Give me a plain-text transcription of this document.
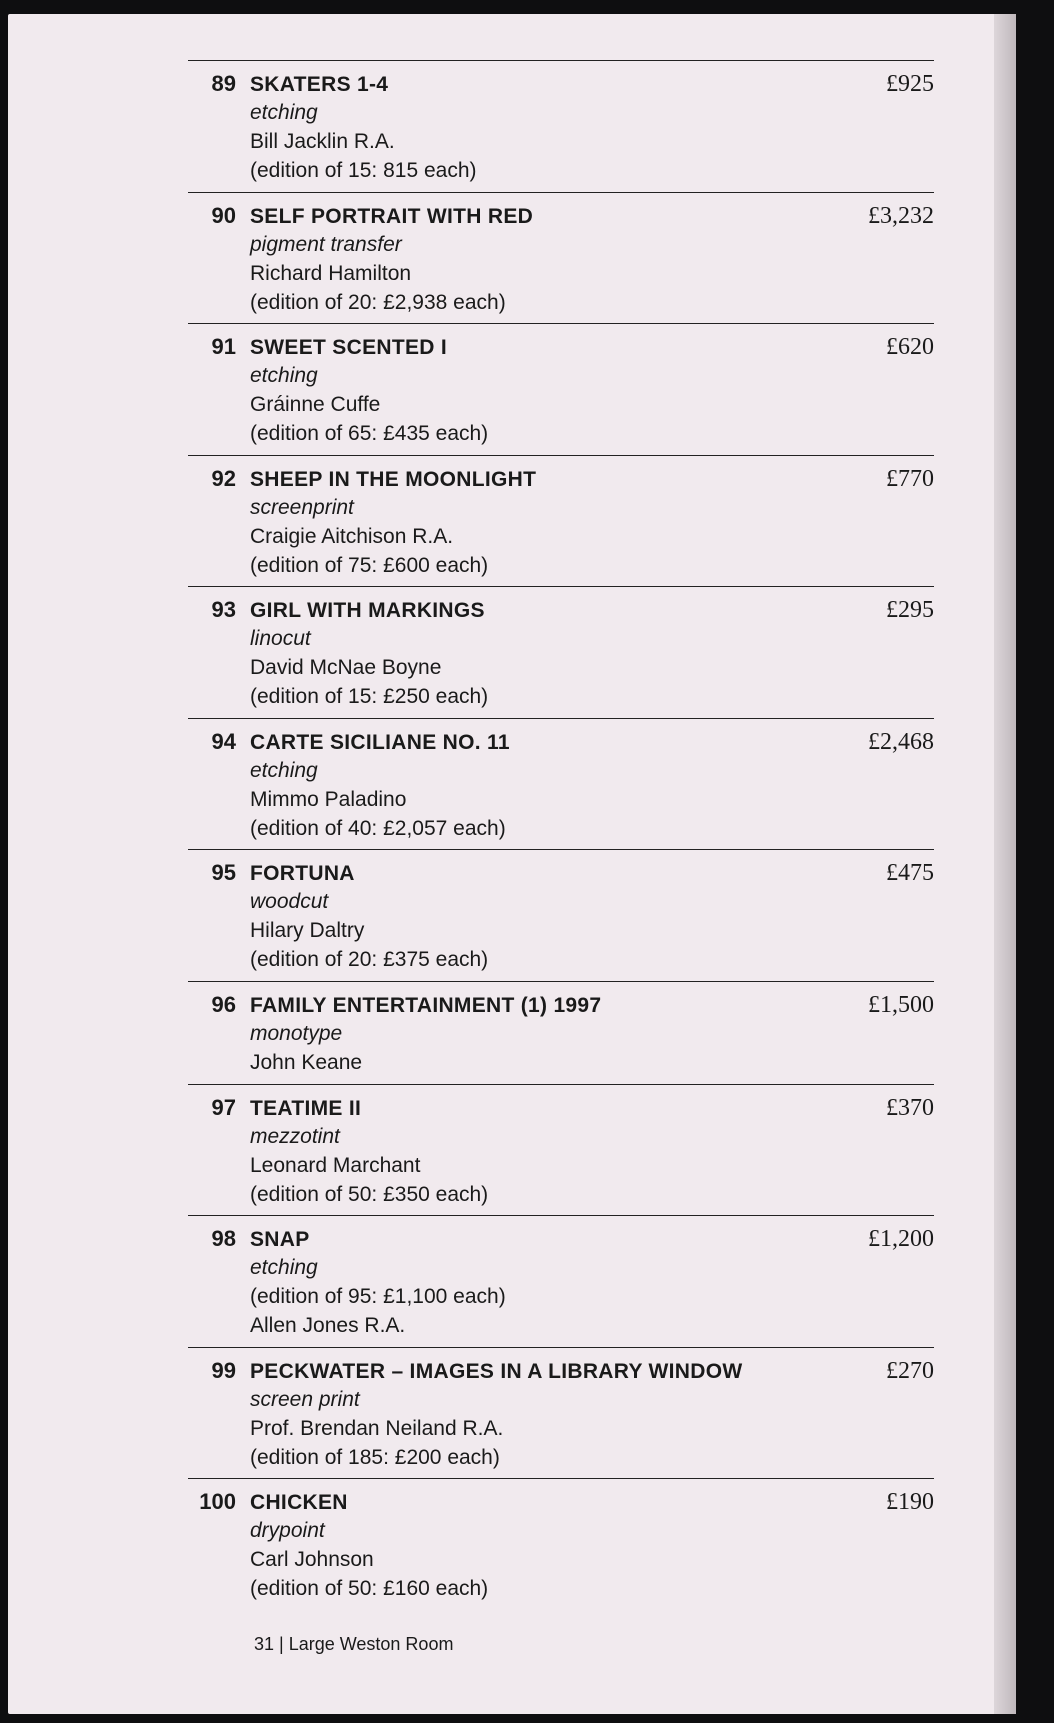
89 SKATERS 1-4
etching
Bill Jacklin R.A.
(edition of 15: 815 each)
£925
90 SELF PORTRAIT WITH RED
pigment transfer
Richard Hamilton
(edition of 20: £2,938 each)
£3,232
91 SWEET SCENTED I
etching
Gráinne Cuffe
(edition of 65: £435 each)
£620
92 SHEEP IN THE MOONLIGHT
screenprint
Craigie Aitchison R.A.
(edition of 75: £600 each)
£770
93 GIRL WITH MARKINGS
linocut
David McNae Boyne
(edition of 15: £250 each)
£295
94 CARTE SICILIANE NO. 11
etching
Mimmo Paladino
(edition of 40: £2,057 each)
£2,468
95 FORTUNA
woodcut
Hilary Daltry
(edition of 20: £375 each)
£475
96 FAMILY ENTERTAINMENT (1) 1997
monotype
John Keane
£1,500
97 TEATIME II
mezzotint
Leonard Marchant
(edition of 50: £350 each)
£370
98 SNAP
etching
(edition of 95: £1,100 each)
Allen Jones R.A.
£1,200
99 PECKWATER – IMAGES IN A LIBRARY WINDOW
screen print
Prof. Brendan Neiland R.A.
(edition of 185: £200 each)
£270
100 CHICKEN
drypoint
Carl Johnson
(edition of 50: £160 each)
£190
31 | Large Weston Room
